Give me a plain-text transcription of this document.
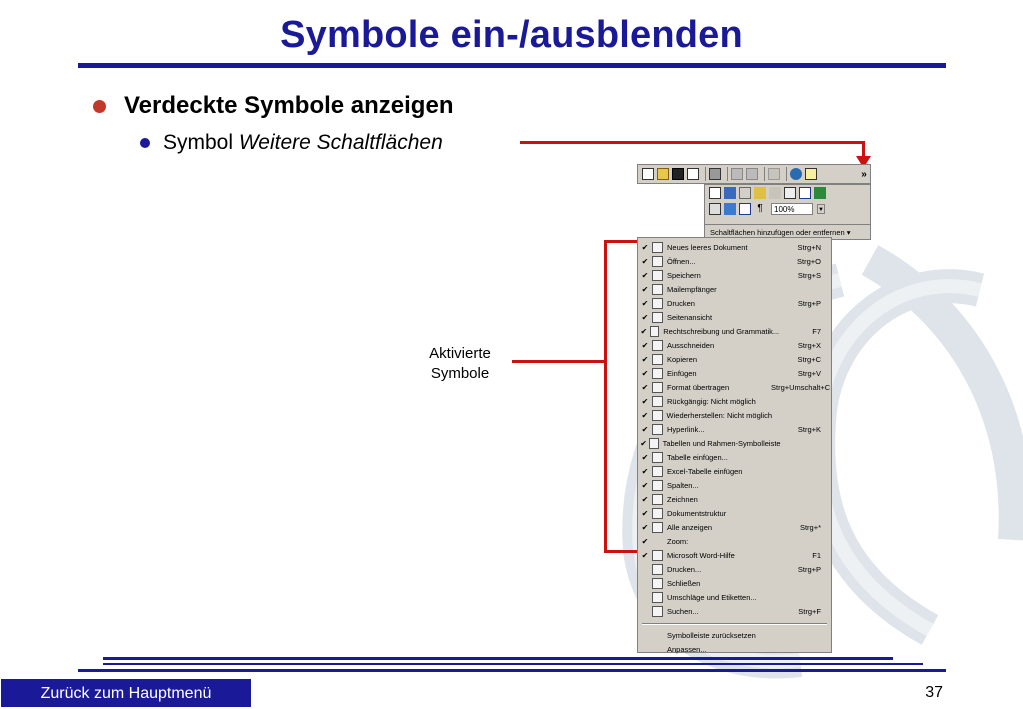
Symbole ein-/ausblenden
Verdeckte Symbole anzeigen
Symbol Weitere Schaltflächen
Aktivierte
Symbole
»
¶	100%	▼
Schaltflächen hinzufügen oder entfernen ▾
✔	Neues leeres Dokument	Strg+N
✔	Öffnen...	Strg+O
✔	Speichern	Strg+S
✔	Mailempfänger
✔	Drucken	Strg+P
✔	Seitenansicht
✔	Rechtschreibung und Grammatik...	F7
✔	Ausschneiden	Strg+X
✔	Kopieren	Strg+C
✔	Einfügen	Strg+V
✔	Format übertragen	Strg+Umschalt+C
✔	Rückgängig: Nicht möglich
✔	Wiederherstellen: Nicht möglich
✔	Hyperlink...	Strg+K
✔	Tabellen und Rahmen-Symbolleiste
✔	Tabelle einfügen...
✔	Excel-Tabelle einfügen
✔	Spalten...
✔	Zeichnen
✔	Dokumentstruktur
✔	Alle anzeigen	Strg+*
✔	Zoom:
✔	Microsoft Word-Hilfe	F1
Drucken...	Strg+P
Schließen
Umschläge und Etiketten...
Suchen...	Strg+F
Symbolleiste zurücksetzen
Anpassen...
Zurück zum Hauptmenü	37
